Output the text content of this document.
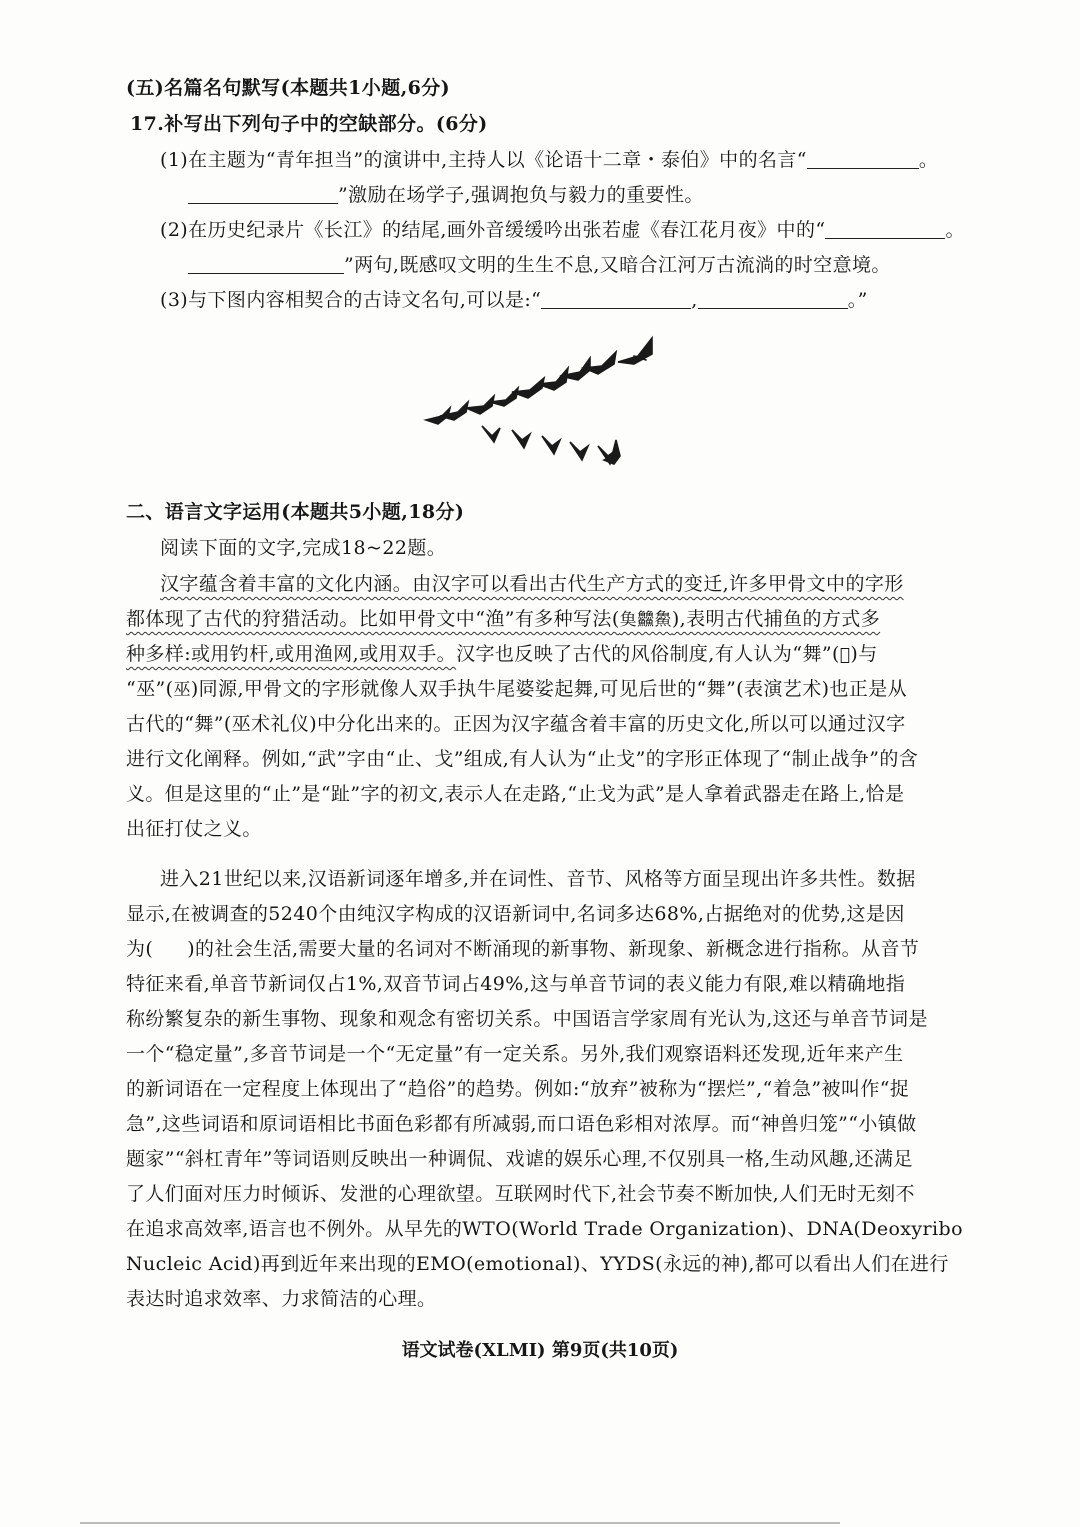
(五)名篇名句默写(本题共1小题,6分)
17.补写出下列句子中的空缺部分。(6分)
(1)在主题为“青年担当”的演讲中,主持人以《论语十二章・泰伯》中的名言“	。
”激励在场学子,强调抱负与毅力的重要性。
(2)在历史纪录片《长江》的结尾,画外音缓缓吟出张若虚《春江花月夜》中的“	。
”两句,既感叹文明的生生不息,又暗合江河万古流淌的时空意境。
(3)与下图内容相契合的古诗文名句,可以是:“	,	。”
二、语言文字运用(本题共5小题,18分)
阅读下面的文字,完成18~22题。
汉字蕴含着丰富的文化内涵。由汉字可以看出古代生产方式的变迁,许多甲骨文中的字形
都体现了古代的狩猎活动。比如甲骨文中“渔”有多种写法(𩵋䲜𩺰),表明古代捕鱼的方式多
种多样:或用钓杆,或用渔网,或用双手。汉字也反映了古代的风俗制度,有人认为“舞”(𠁻)与
“巫”(巫)同源,甲骨文的字形就像人双手执牛尾婆娑起舞,可见后世的“舞”(表演艺术)也正是从
古代的“舞”(巫术礼仪)中分化出来的。正因为汉字蕴含着丰富的历史文化,所以可以通过汉字
进行文化阐释。例如,“武”字由“止、戈”组成,有人认为“止戈”的字形正体现了“制止战争”的含
义。但是这里的“止”是“趾”字的初文,表示人在走路,“止戈为武”是人拿着武器走在路上,恰是
出征打仗之义。
进入21世纪以来,汉语新词逐年增多,并在词性、音节、风格等方面呈现出许多共性。数据
显示,在被调查的5240个由纯汉字构成的汉语新词中,名词多达68%,占据绝对的优势,这是因
为( )的社会生活,需要大量的名词对不断涌现的新事物、新现象、新概念进行指称。从音节
特征来看,单音节新词仅占1%,双音节词占49%,这与单音节词的表义能力有限,难以精确地指
称纷繁复杂的新生事物、现象和观念有密切关系。中国语言学家周有光认为,这还与单音节词是
一个“稳定量”,多音节词是一个“无定量”有一定关系。另外,我们观察语料还发现,近年来产生
的新词语在一定程度上体现出了“趋俗”的趋势。例如:“放弃”被称为“摆烂”,“着急”被叫作“捉
急”,这些词语和原词语相比书面色彩都有所减弱,而口语色彩相对浓厚。而“神兽归笼”“小镇做
题家”“斜杠青年”等词语则反映出一种调侃、戏谑的娱乐心理,不仅别具一格,生动风趣,还满足
了人们面对压力时倾诉、发泄的心理欲望。互联网时代下,社会节奏不断加快,人们无时无刻不
在追求高效率,语言也不例外。从早先的WTO(World Trade Organization)、DNA(Deoxyribo
Nucleic Acid)再到近年来出现的EMO(emotional)、YYDS(永远的神),都可以看出人们在进行
表达时追求效率、力求简洁的心理。
语文试卷(XLMI) 第9页(共10页)
